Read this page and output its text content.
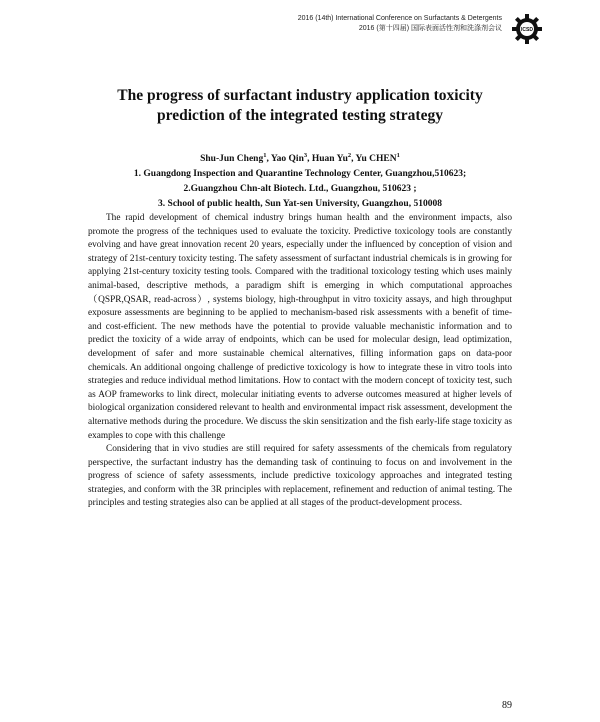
2016 (14th) International Conference on Surfactants & Detergents
2016 (第十四届) 国际表面活性剂和洗涤剂会议	ICSD
The progress of surfactant industry application toxicity
prediction of the integrated testing strategy
Shu-Jun Cheng$^1$, Yao Qin$^3$, Huan Yu$^2$, Yu CHEN$^1$
1. Guangdong Inspection and Quarantine Technology Center, Guangzhou,510623;
2.Guangzhou Chn-alt Biotech. Ltd., Guangzhou, 510623 ;
3. School of public health, Sun Yat-sen University, Guangzhou, 510008

The rapid development of chemical industry brings human health and the environment impacts, also promote the progress of the techniques used to evaluate the toxicity. Predictive toxicology tools are constantly evolving and have great innovation recent 20 years, especially under the influenced by conception of vision and strategy of 21st-century toxicity testing. The safety assessment of surfactant industrial chemicals is in growing for applying 21st-century toxicity testing tools. Compared with the traditional toxicology testing which uses mainly animal-based, descriptive methods, a paradigm shift is emerging in which computational approaches（QSPR,QSAR, read-across）, systems biology, high-throughput in vitro toxicity assays, and high throughput exposure assessments are beginning to be applied to mechanism-based risk assessments with a benefit of time- and cost-efficient. The new methods have the potential to provide valuable mechanistic information and to predict the toxicity of a wide array of endpoints, which can be used for molecular design, lead optimization, development of safer and more sustainable chemical alternatives, filling information gaps on data-poor chemicals. An additional ongoing challenge of predictive toxicology is how to integrate these in vitro tools into strategies and reduce individual method limitations. How to contact with the modern concept of toxicity test, such as AOP frameworks to link direct, molecular initiating events to adverse outcomes measured at higher levels of biological organization considered relevant to health and environmental impact risk assessment, development the alternative methods during the procedure. We discuss the skin sensitization and the fish early-life stage toxicity as examples to cope with this challenge

Considering that in vivo studies are still required for safety assessments of the chemicals from regulatory perspective, the surfactant industry has the demanding task of continuing to focus on and involvement in the progress of science of safety assessments, include predictive toxicology approaches and integrated testing strategies, and conform with the 3R principles with replacement, refinement and reduction of animal testing. The principles and testing strategies also can be applied at all stages of the product-development process.

89
